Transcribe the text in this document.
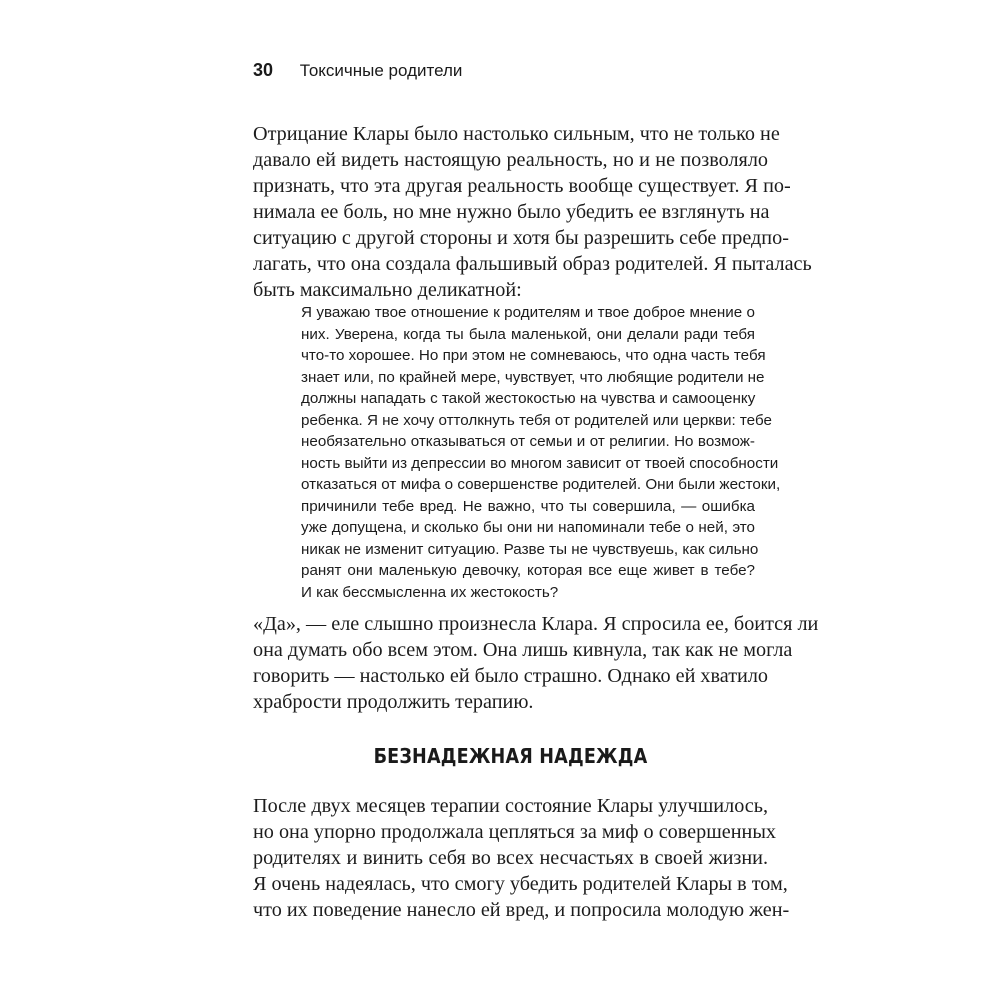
30 Токсичные родители
Отрицание Клары было настолько сильным, что не только не
давало ей видеть настоящую реальность, но и не позволяло
признать, что эта другая реальность вообще существует. Я по-
нимала ее боль, но мне нужно было убедить ее взглянуть на
ситуацию с другой стороны и хотя бы разрешить себе предпо-
лагать, что она создала фальшивый образ родителей. Я пыталась
быть максимально деликатной:
Я уважаю твое отношение к родителям и твое доброе мнение о
них. Уверена, когда ты была маленькой, они делали ради тебя
что-то хорошее. Но при этом не сомневаюсь, что одна часть тебя
знает или, по крайней мере, чувствует, что любящие родители не
должны нападать с такой жестокостью на чувства и самооценку
ребенка. Я не хочу оттолкнуть тебя от родителей или церкви: тебе
необязательно отказываться от семьи и от религии. Но возмож-
ность выйти из депрессии во многом зависит от твоей способности
отказаться от мифа о совершенстве родителей. Они были жестоки,
причинили тебе вред. Не важно, что ты совершила, — ошибка
уже допущена, и сколько бы они ни напоминали тебе о ней, это
никак не изменит ситуацию. Разве ты не чувствуешь, как сильно
ранят они маленькую девочку, которая все еще живет в тебе?
И как бессмысленна их жестокость?
«Да», — еле слышно произнесла Клара. Я спросила ее, боится ли
она думать обо всем этом. Она лишь кивнула, так как не могла
говорить — настолько ей было страшно. Однако ей хватило
храбрости продолжить терапию.
БЕЗНАДЕЖНАЯ НАДЕЖДА
После двух месяцев терапии состояние Клары улучшилось,
но она упорно продолжала цепляться за миф о совершенных
родителях и винить себя во всех несчастьях в своей жизни.
Я очень надеялась, что смогу убедить родителей Клары в том,
что их поведение нанесло ей вред, и попросила молодую жен-
